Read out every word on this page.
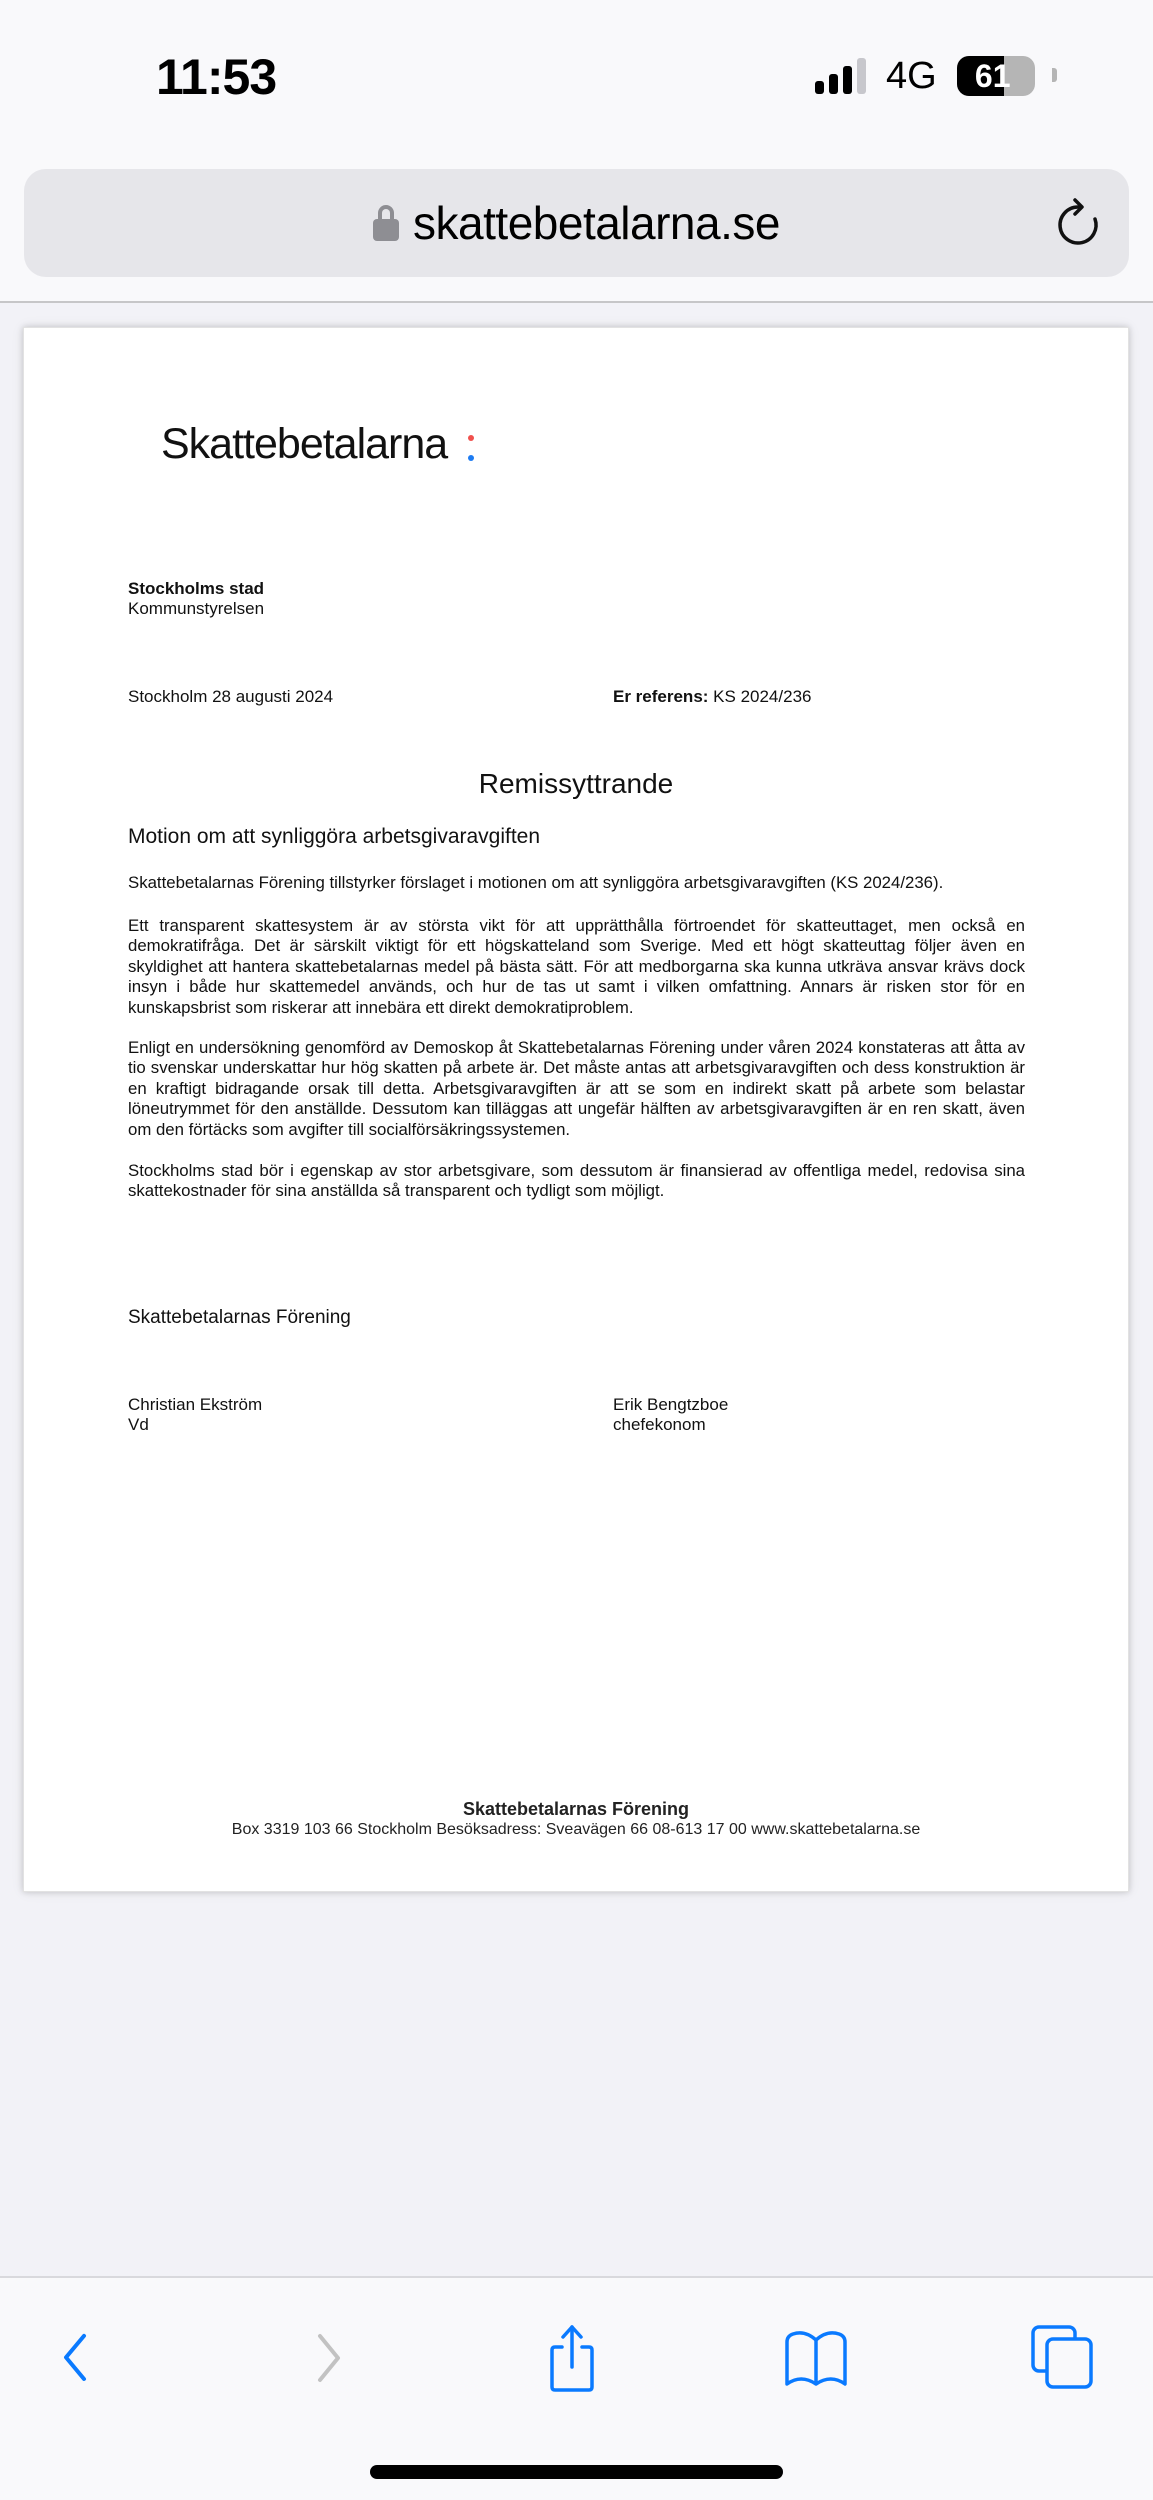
11:53	4G	61
skattebetalarna.se
Skattebetalarna
Stockholms stad
Kommunstyrelsen
Stockholm 28 augusti 2024	Er referens: KS 2024/236
Remissyttrande
Motion om att synliggöra arbetsgivaravgiften

Skattebetalarnas Förening tillstyrker förslaget i motionen om att synliggöra arbetsgivaravgiften (KS 2024/236).

Ett transparent skattesystem är av största vikt för att upprätthålla förtroendet för skatteuttaget, men också en demokratifråga. Det är särskilt viktigt för ett högskatteland som Sverige. Med ett högt skatteuttag följer även en skyldighet att hantera skattebetalarnas medel på bästa sätt. För att medborgarna ska kunna utkräva ansvar krävs dock insyn i både hur skattemedel används, och hur de tas ut samt i vilken omfattning. Annars är risken stor för en kunskapsbrist som riskerar att innebära ett direkt demokratiproblem.

Enligt en undersökning genomförd av Demoskop åt Skattebetalarnas Förening under våren 2024 konstateras att åtta av tio svenskar underskattar hur hög skatten på arbete är. Det måste antas att arbetsgivaravgiften och dess konstruktion är en kraftigt bidragande orsak till detta. Arbetsgivaravgiften är att se som en indirekt skatt på arbete som belastar löneutrymmet för den anställde. Dessutom kan tilläggas att ungefär hälften av arbetsgivaravgiften är en ren skatt, även om den förtäcks som avgifter till socialförsäkringssystemen.

Stockholms stad bör i egenskap av stor arbetsgivare, som dessutom är finansierad av offentliga medel, redovisa sina skattekostnader för sina anställda så transparent och tydligt som möjligt.

Skattebetalarnas Förening
Christian Ekström
Vd
Erik Bengtzboe
chefekonom
Skattebetalarnas Förening
Box 3319 103 66 Stockholm Besöksadress: Sveavägen 66 08-613 17 00 www.skattebetalarna.se
